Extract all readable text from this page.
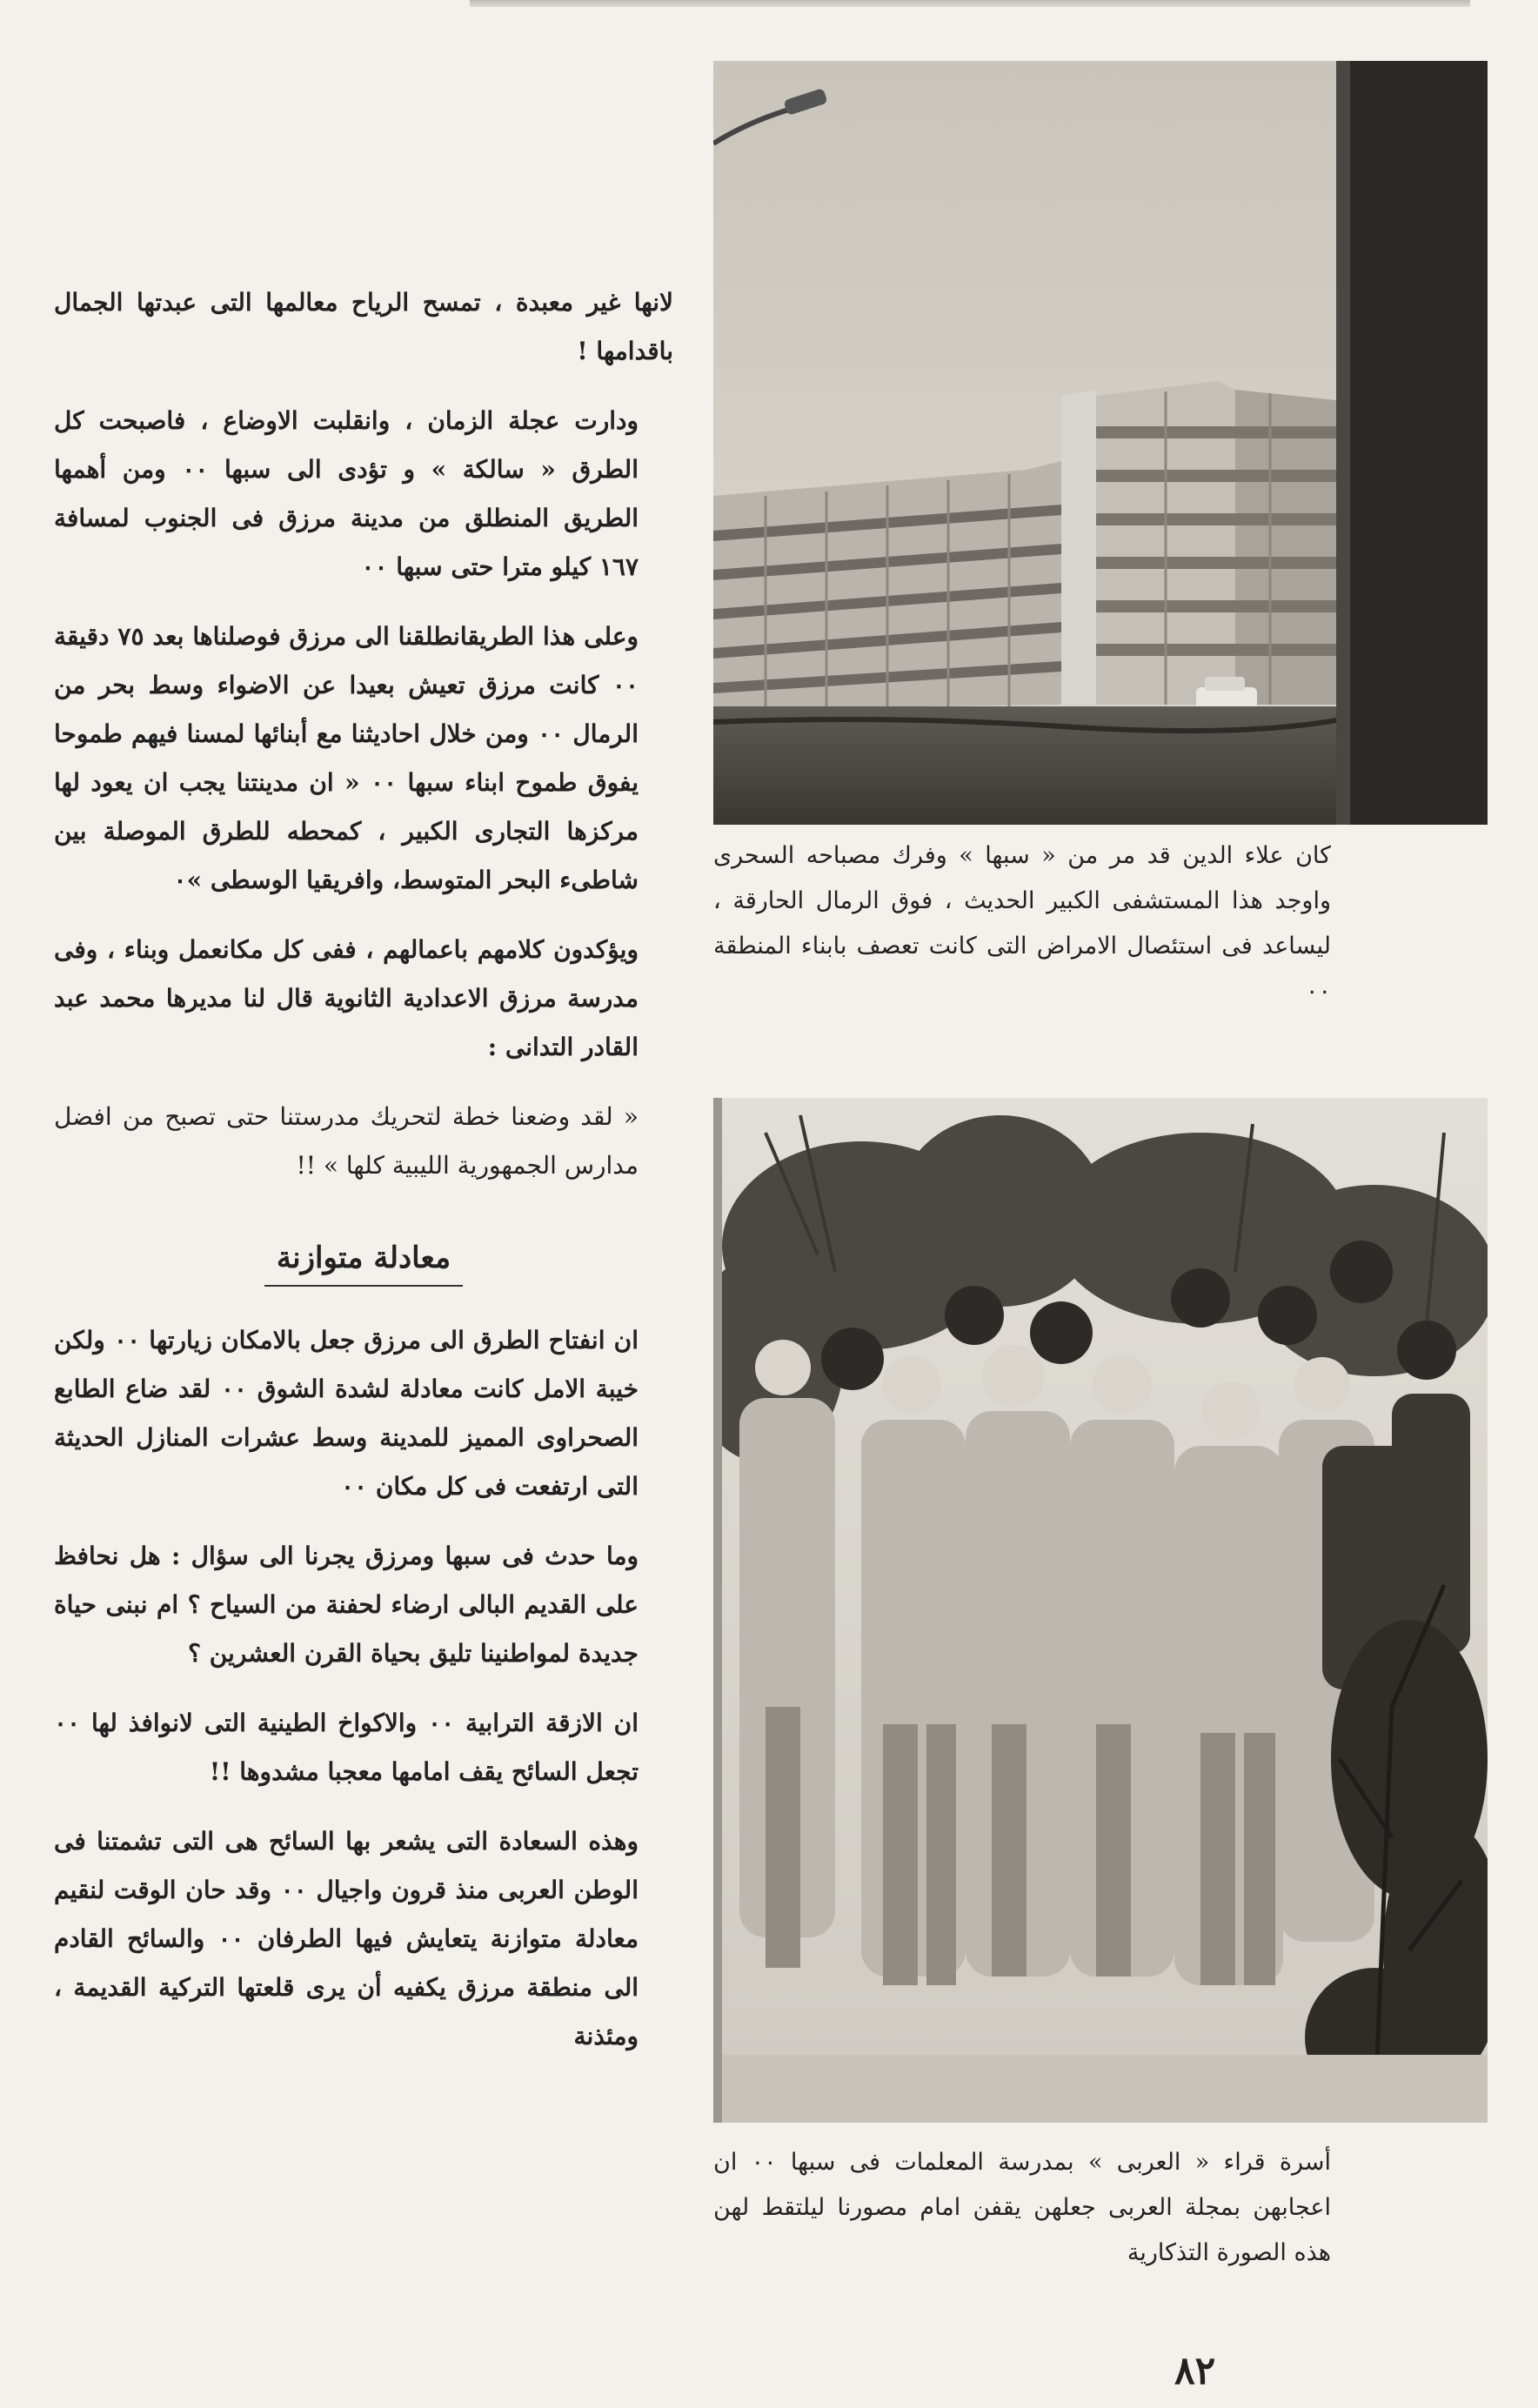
لانها غير معبدة ، تمسح الرياح معالمها التى عبدتها الجمال باقدامها !

ودارت عجلة الزمان ، وانقلبت الاوضاع ، فاصبحت كل الطرق « سالكة » و تؤدى الى سبها ٠٠ ومن أهمها الطريق المنطلق من مدينة مرزق فى الجنوب لمسافة ١٦٧ كيلو مترا حتى سبها ٠٠

وعلى هذا الطريقانطلقنا الى مرزق فوصلناها بعد ٧٥ دقيقة ٠٠ كانت مرزق تعيش بعيدا عن الاضواء وسط بحر من الرمال ٠٠ ومن خلال احاديثنا مع أبنائها لمسنا فيهم طموحا يفوق طموح ابناء سبها ٠٠ « ان مدينتنا يجب ان يعود لها مركزها التجارى الكبير ، كمحطه للطرق الموصلة بين شاطىء البحر المتوسط، وافريقيا الوسطى »٠

ويؤكدون كلامهم باعمالهم ، ففى كل مكانعمل وبناء ، وفى مدرسة مرزق الاعدادية الثانوية قال لنا مديرها محمد عبد القادر التدانى :

« لقد وضعنا خطة لتحريك مدرستنا حتى تصبح من افضل مدارس الجمهورية الليبية كلها » !!

معادلة متوازنة

ان انفتاح الطرق الى مرزق جعل بالامكان زيارتها ٠٠ ولكن خيبة الامل كانت معادلة لشدة الشوق ٠٠ لقد ضاع الطابع الصحراوى المميز للمدينة وسط عشرات المنازل الحديثة التى ارتفعت فى كل مكان ٠٠

وما حدث فى سبها ومرزق يجرنا الى سؤال : هل نحافظ على القديم البالى ارضاء لحفنة من السياح ؟ ام نبنى حياة جديدة لمواطنينا تليق بحياة القرن العشرين ؟

ان الازقة الترابية ٠٠ والاكواخ الطينية التى لانوافذ لها ٠٠ تجعل السائح يقف امامها معجبا مشدوها !!

وهذه السعادة التى يشعر بها السائح هى التى تشمتنا فى الوطن العربى منذ قرون واجيال ٠٠ وقد حان الوقت لنقيم معادلة متوازنة يتعايش فيها الطرفان ٠٠ والسائح القادم الى منطقة مرزق يكفيه أن يرى قلعتها التركية القديمة ، ومئذنة

كان علاء الدين قد مر من « سبها » وفرك مصباحه السحرى واوجد هذا المستشفى الكبير الحديث ، فوق الرمال الحارقة ، ليساعد فى استئصال الامراض التى كانت تعصف بابناء المنطقة ٠٠
أسرة قراء « العربى » بمدرسة المعلمات فى سبها ٠٠ ان اعجابهن بمجلة العربى جعلهن يقفن امام مصورنا ليلتقط لهن هذه الصورة التذكارية
٨٢
